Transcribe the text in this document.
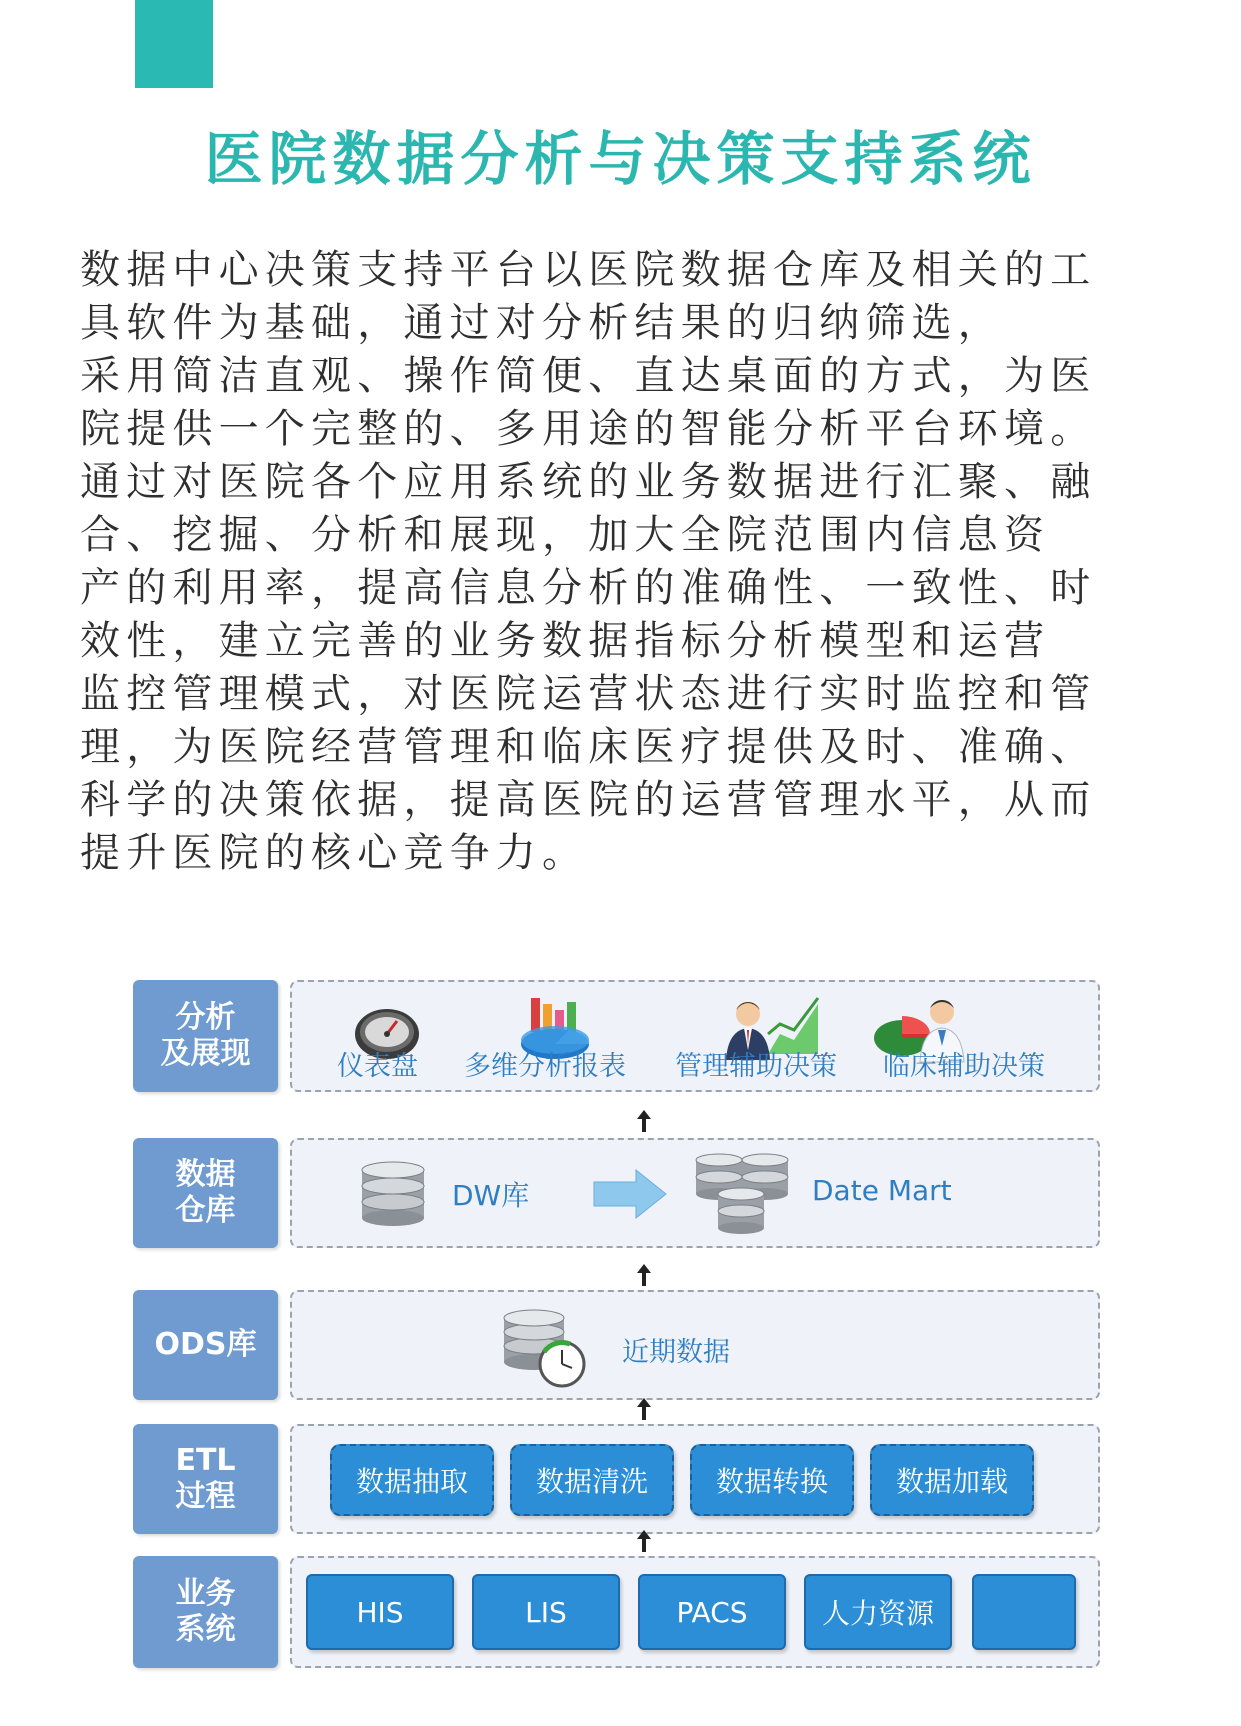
医院数据分析与决策支持系统
数据中心决策支持平台以医院数据仓库及相关的工
具软件为基础，通过对分析结果的归纳筛选，
采用简洁直观、操作简便、直达桌面的方式，为医
院提供一个完整的、多用途的智能分析平台环境。
通过对医院各个应用系统的业务数据进行汇聚、融
合、挖掘、分析和展现，加大全院范围内信息资
产的利用率，提高信息分析的准确性、一致性、时
效性，建立完善的业务数据指标分析模型和运营
监控管理模式，对医院运营状态进行实时监控和管
理，为医院经营管理和临床医疗提供及时、准确、
科学的决策依据，提高医院的运营管理水平，从而
提升医院的核心竞争力。
分析
及展现	仪表盘 多维分析报表 管理辅助决策 临床辅助决策
数据
仓库	DW库	Date Mart
ODS库	近期数据
ETL
过程	数据抽取	数据清洗	数据转换	数据加载
业务
系统	HIS	LIS	PACS	人力资源
